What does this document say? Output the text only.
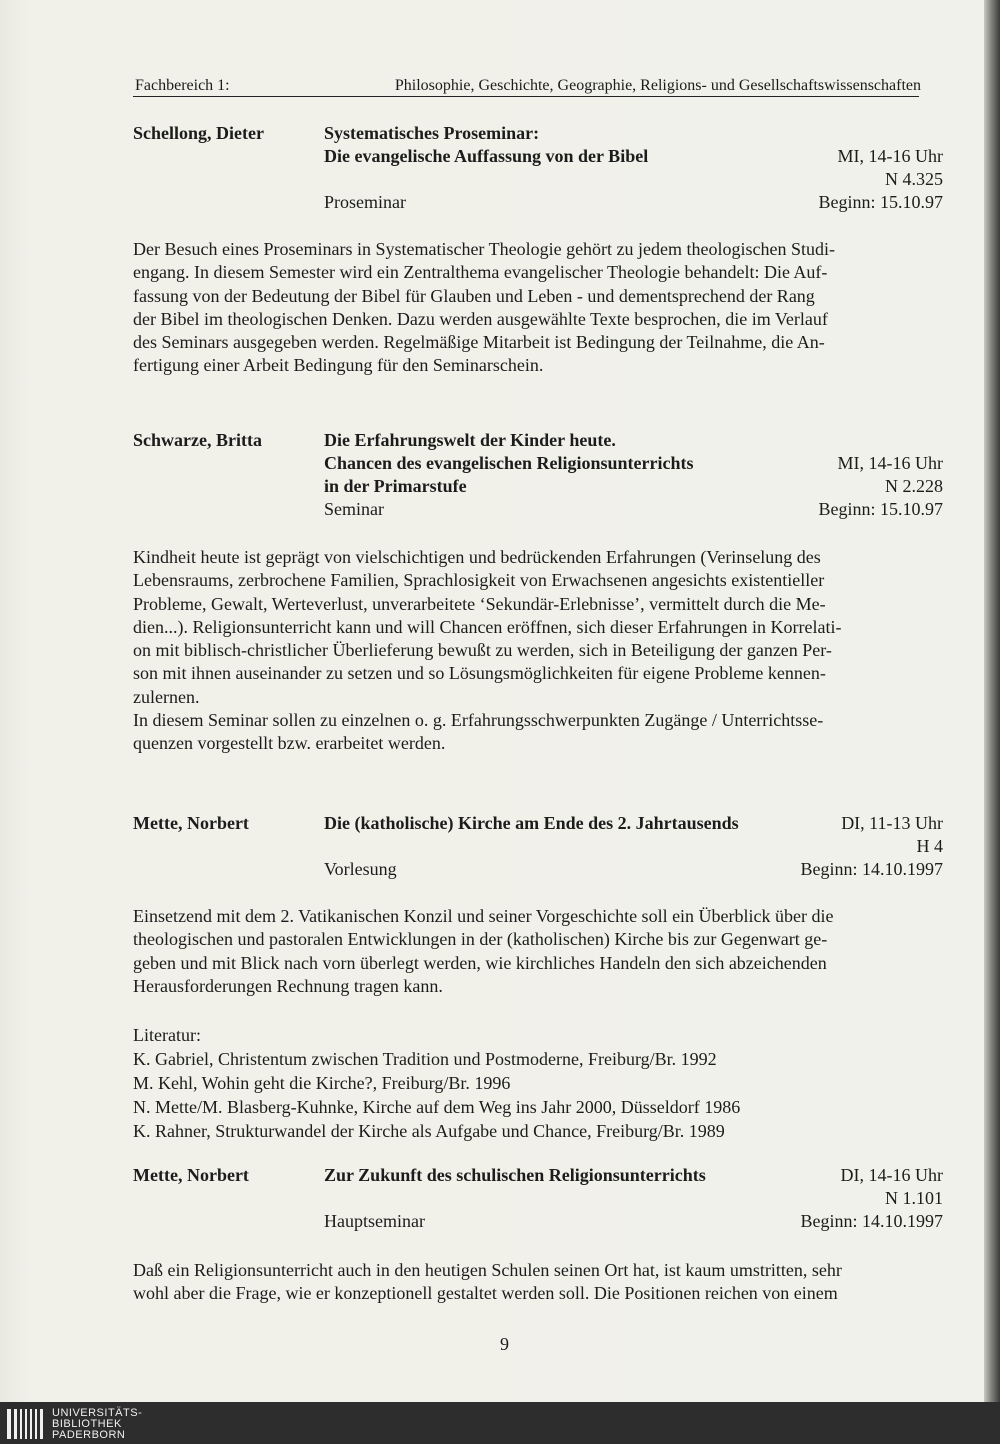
Fachbereich 1:	Philosophie, Geschichte, Geographie, Religions- und Gesellschaftswissenschaften
Schellong, Dieter	Systematisches Proseminar:
Die evangelische Auffassung von der Bibel	MI, 14-16 Uhr
N 4.325
Proseminar	Beginn: 15.10.97

Der Besuch eines Proseminars in Systematischer Theologie gehört zu jedem theologischen Studi-

engang. In diesem Semester wird ein Zentralthema evangelischer Theologie behandelt: Die Auf-

fassung von der Bedeutung der Bibel für Glauben und Leben - und dementsprechend der Rang

der Bibel im theologischen Denken. Dazu werden ausgewählte Texte besprochen, die im Verlauf

des Seminars ausgegeben werden. Regelmäßige Mitarbeit ist Bedingung der Teilnahme, die An-

fertigung einer Arbeit Bedingung für den Seminarschein.

Schwarze, Britta	Die Erfahrungswelt der Kinder heute.
Chancen des evangelischen Religionsunterrichts	MI, 14-16 Uhr
in der Primarstufe	N 2.228
Seminar	Beginn: 15.10.97

Kindheit heute ist geprägt von vielschichtigen und bedrückenden Erfahrungen (Verinselung des

Lebensraums, zerbrochene Familien, Sprachlosigkeit von Erwachsenen angesichts existentieller

Probleme, Gewalt, Werteverlust, unverarbeitete ‘Sekundär-Erlebnisse’, vermittelt durch die Me-

dien...). Religionsunterricht kann und will Chancen eröffnen, sich dieser Erfahrungen in Korrelati-

on mit biblisch-christlicher Überlieferung bewußt zu werden, sich in Beteiligung der ganzen Per-

son mit ihnen auseinander zu setzen und so Lösungsmöglichkeiten für eigene Probleme kennen-

zulernen.

In diesem Seminar sollen zu einzelnen o. g. Erfahrungsschwerpunkten Zugänge / Unterrichtsse-

quenzen vorgestellt bzw. erarbeitet werden.

Mette, Norbert	Die (katholische) Kirche am Ende des 2. Jahrtausends	DI, 11-13 Uhr
H 4
Vorlesung	Beginn: 14.10.1997

Einsetzend mit dem 2. Vatikanischen Konzil und seiner Vorgeschichte soll ein Überblick über die

theologischen und pastoralen Entwicklungen in der (katholischen) Kirche bis zur Gegenwart ge-

geben und mit Blick nach vorn überlegt werden, wie kirchliches Handeln den sich abzeichenden

Herausforderungen Rechnung tragen kann.

Literatur:
K. Gabriel, Christentum zwischen Tradition und Postmoderne, Freiburg/Br. 1992
M. Kehl, Wohin geht die Kirche?, Freiburg/Br. 1996
N. Mette/M. Blasberg-Kuhnke, Kirche auf dem Weg ins Jahr 2000, Düsseldorf 1986
K. Rahner, Strukturwandel der Kirche als Aufgabe und Chance, Freiburg/Br. 1989
Mette, Norbert	Zur Zukunft des schulischen Religionsunterrichts	DI, 14-16 Uhr
N 1.101
Hauptseminar	Beginn: 14.10.1997

Daß ein Religionsunterricht auch in den heutigen Schulen seinen Ort hat, ist kaum umstritten, sehr

wohl aber die Frage, wie er konzeptionell gestaltet werden soll. Die Positionen reichen von einem

9
UNIVERSITÄTS-
BIBLIOTHEK
PADERBORN
